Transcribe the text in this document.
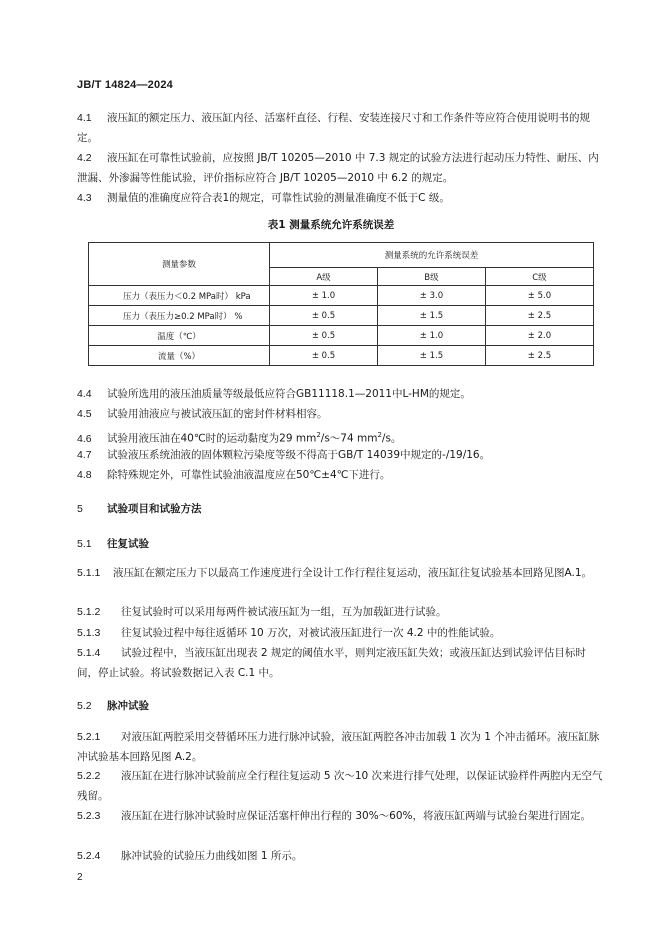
JB/T 14824—2024

4.1 液压缸的额定压力、液压缸内径、活塞杆直径、行程、安装连接尺寸和工作条件等应符合使用说明书的规定。

4.2 液压缸在可靠性试验前，应按照 JB/T 10205—2010 中 7.3 规定的试验方法进行起动压力特性、耐压、内泄漏、外渗漏等性能试验，评价指标应符合 JB/T 10205—2010 中 6.2 的规定。

4.3 测量值的准确度应符合表1的规定，可靠性试验的测量准确度不低于C 级。

表1 测量系统允许系统误差
测量参数	测量系统的允许系统误差		
	A级	B级	C级
压力（表压力＜0.2 MPa时） kPa	± 1.0	± 3.0	± 5.0
压力（表压力≥0.2 MPa时） %	± 0.5	± 1.5	± 2.5
温度（℃）	± 0.5	± 1.0	± 2.0
流量（%）	± 0.5	± 1.5	± 2.5

4.4 试验所选用的液压油质量等级最低应符合GB11118.1—2011中L-HM的规定。

4.5 试验用油液应与被试液压缸的密封件材料相容。

4.6 试验用液压油在40℃时的运动黏度为29 $mm^2/s\sim 74$ $mm^2/s$。

4.7 试验液压系统油液的固体颗粒污染度等级不得高于GB/T 14039中规定的-/19/16。

4.8 除特殊规定外，可靠性试验油液温度应在50℃±4℃下进行。

5 试验项目和试验方法
5.1 往复试验

5.1.1 液压缸在额定压力下以最高工作速度进行全设计工作行程往复运动，液压缸往复试验基本回路见图A.1。

5.1.2 往复试验时可以采用每两件被试液压缸为一组，互为加载缸进行试验。

5.1.3 往复试验过程中每往返循环 10 万次，对被试液压缸进行一次 4.2 中的性能试验。

5.1.4 试验过程中，当液压缸出现表 2 规定的阈值水平，则判定液压缸失效；或液压缸达到试验评估目标时间，停止试验。将试验数据记入表 C.1 中。

5.2 脉冲试验

5.2.1 对液压缸两腔采用交替循环压力进行脉冲试验，液压缸两腔各冲击加载 1 次为 1 个冲击循环。液压缸脉冲试验基本回路见图 A.2。

5.2.2 液压缸在进行脉冲试验前应全行程往复运动 5 次～10 次来进行排气处理，以保证试验样件两腔内无空气残留。

5.2.3 液压缸在进行脉冲试验时应保证活塞杆伸出行程的 30%～60%，将液压缸两端与试验台架进行固定。

5.2.4 脉冲试验的试验压力曲线如图 1 所示。

2
